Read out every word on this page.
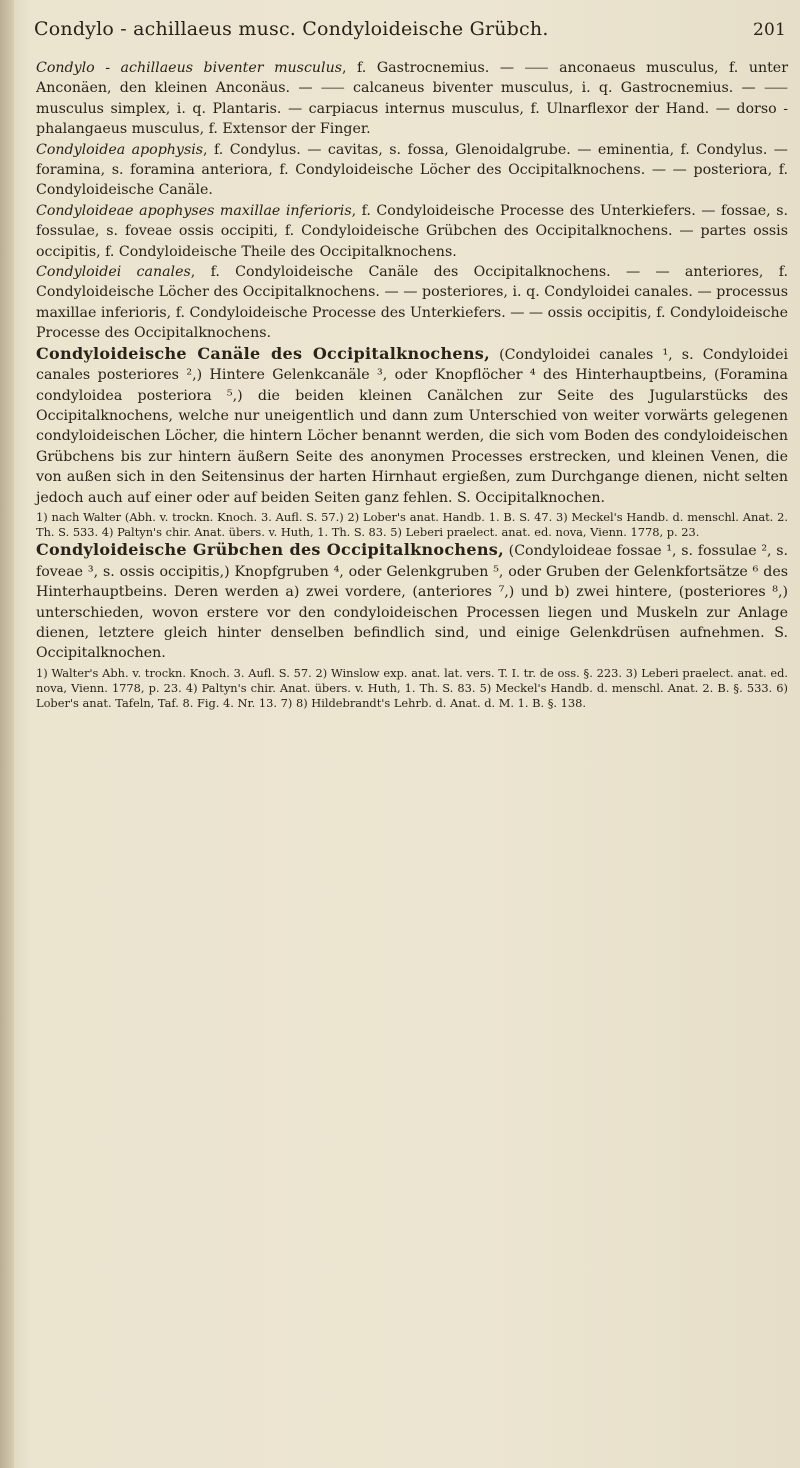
Condylo - achillaeus musc. Condyloideische Grübch.	201

Condylo - achillaeus biventer musculus, f. Gastrocnemius. — ⸺ anconaeus musculus, f. unter Anconäen, den kleinen Anconäus. — ⸺ calcaneus biventer musculus, i. q. Gastrocnemius. — ⸺ musculus simplex, i. q. Plantaris. — carpiacus internus musculus, f. Ulnarflexor der Hand. — dorso - phalangaeus musculus, f. Extensor der Finger.

Condyloidea apophysis, f. Condylus. — cavitas, s. fossa, Glenoidalgrube. — eminentia, f. Condylus. — foramina, s. foramina anteriora, f. Condyloideische Löcher des Occipitalknochens. — — posteriora, f. Condyloideische Canäle.

Condyloideae apophyses maxillae inferioris, f. Condyloideische Processe des Unterkiefers. — fossae, s. fossulae, s. foveae ossis occipiti, f. Condyloideische Grübchen des Occipitalknochens. — partes ossis occipitis, f. Condyloideische Theile des Occipitalknochens.

Condyloidei canales, f. Condyloideische Canäle des Occipitalknochens. — — anteriores, f. Condyloideische Löcher des Occipitalknochens. — — posteriores, i. q. Condyloidei canales. — processus maxillae inferioris, f. Condyloideische Processe des Unterkiefers. — — ossis occipitis, f. Condyloideische Processe des Occipitalknochens.

Condyloideische Canäle des Occipitalknochens, (Condyloidei canales ¹, s. Condyloidei canales posteriores ²,) Hintere Gelenkcanäle ³, oder Knopflöcher ⁴ des Hinterhauptbeins, (Foramina condyloidea posteriora ⁵,) die beiden kleinen Canälchen zur Seite des Jugularstücks des Occipitalknochens, welche nur uneigentlich und dann zum Unterschied von weiter vorwärts gelegenen condyloideischen Löcher, die hintern Löcher benannt werden, die sich vom Boden des condyloideischen Grübchens bis zur hintern äußern Seite des anonymen Processes erstrecken, und kleinen Venen, die von außen sich in den Seitensinus der harten Hirnhaut ergießen, zum Durchgange dienen, nicht selten jedoch auch auf einer oder auf beiden Seiten ganz fehlen. S. Occipitalknochen.

1) nach Walter (Abh. v. trockn. Knoch. 3. Aufl. S. 57.) 2) Lober's anat. Handb. 1. B. S. 47. 3) Meckel's Handb. d. menschl. Anat. 2. Th. S. 533. 4) Paltyn's chir. Anat. übers. v. Huth, 1. Th. S. 83. 5) Leberi praelect. anat. ed. nova, Vienn. 1778, p. 23.

Condyloideische Grübchen des Occipitalknochens, (Condyloideae fossae ¹, s. fossulae ², s. foveae ³, s. ossis occipitis,) Knopfgruben ⁴, oder Gelenkgruben ⁵, oder Gruben der Gelenkfortsätze ⁶ des Hinterhauptbeins. Deren werden a) zwei vordere, (anteriores ⁷,) und b) zwei hintere, (posteriores ⁸,) unterschieden, wovon erstere vor den condyloideischen Processen liegen und Muskeln zur Anlage dienen, letztere gleich hinter denselben befindlich sind, und einige Gelenkdrüsen aufnehmen. S. Occipitalknochen.

1) Walter's Abh. v. trockn. Knoch. 3. Aufl. S. 57. 2) Winslow exp. anat. lat. vers. T. I. tr. de oss. §. 223. 3) Leberi praelect. anat. ed. nova, Vienn. 1778, p. 23. 4) Paltyn's chir. Anat. übers. v. Huth, 1. Th. S. 83. 5) Meckel's Handb. d. menschl. Anat. 2. B. §. 533. 6) Lober's anat. Tafeln, Taf. 8. Fig. 4. Nr. 13. 7) 8) Hildebrandt's Lehrb. d. Anat. d. M. 1. B. §. 138.
